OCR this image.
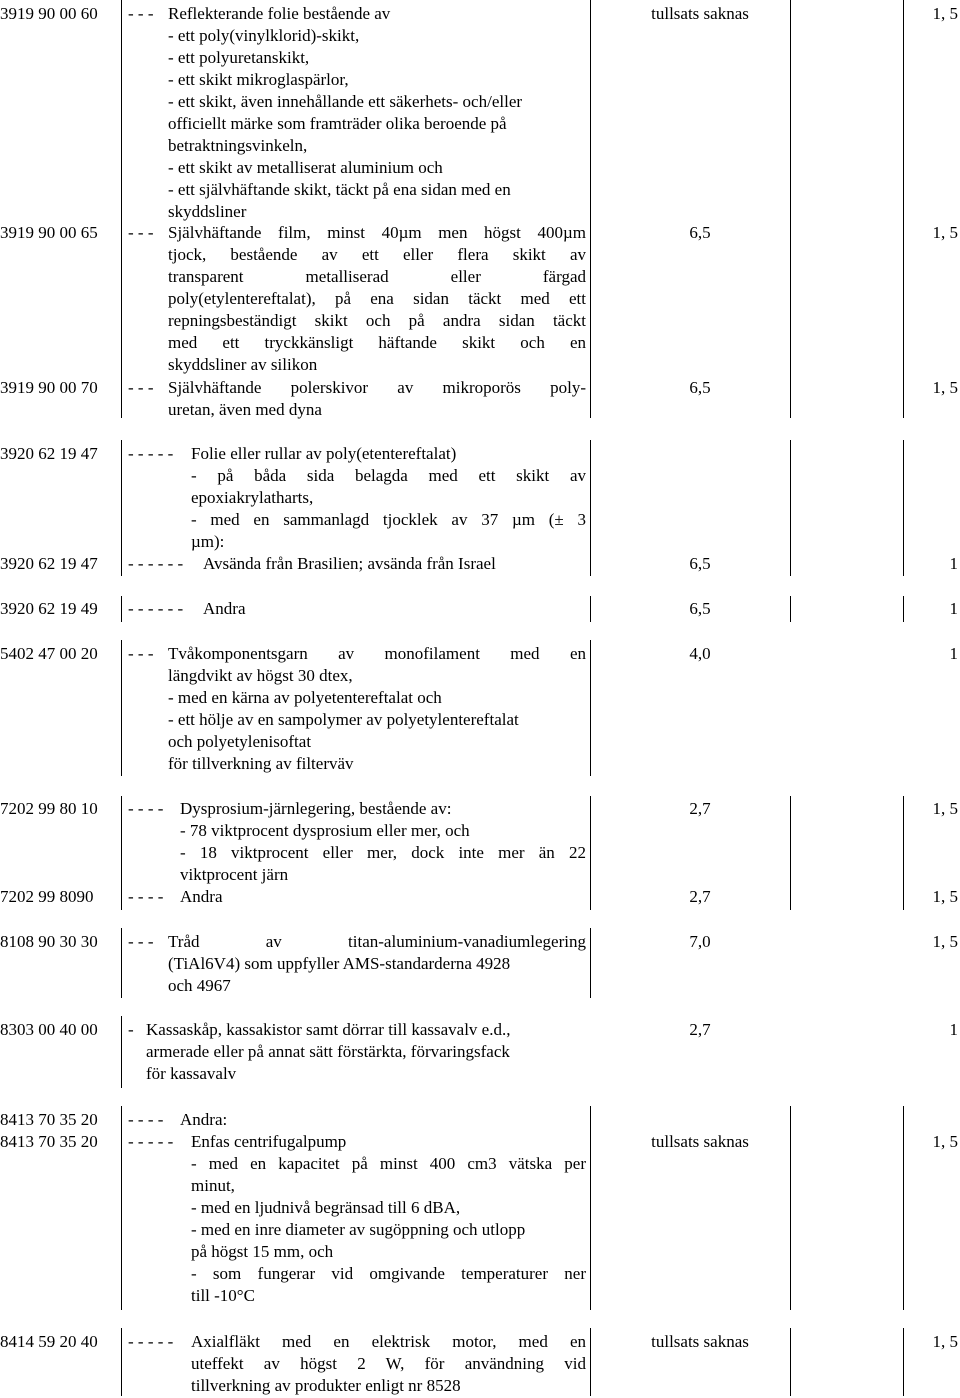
3919 90 00 60 - - - Reflekterande folie bestående av
- ett poly(vinylklorid)-skikt,
- ett polyuretanskikt,
- ett skikt mikroglaspärlor,
- ett skikt, även innehållande ett säkerhets- och/eller
officiellt märke som framträder olika beroende på
betraktningsvinkeln,
- ett skikt av metalliserat aluminium och
- ett självhäftande skikt, täckt på ena sidan med en
skyddsliner
tullsats saknas	1, 5
3919 90 00 65 - - - Självhäftande film, minst 40µm men högst 400µm
tjock, bestående av ett eller flera skikt av
transparent metalliserad eller färgad
poly(etylentereftalat), på ena sidan täckt med ett
repningsbeständigt skikt och på andra sidan täckt
med ett tryckkänsligt häftande skikt och en
skyddsliner av silikon
6,5	1, 5
3919 90 00 70 - - - Självhäftande polerskivor av mikroporös poly-
uretan, även med dyna
6,5	1, 5
3920 62 19 47 - - - - - Folie eller rullar av poly(etentereftalat)
- på båda sida belagda med ett skikt av
epoxiakrylatharts,
- med en sammanlagd tjocklek av 37 µm (± 3
µm):
3920 62 19 47 - - - - - - Avsända från Brasilien; avsända från Israel	6,5	1
3920 62 19 49 - - - - - - Andra	6,5	1
5402 47 00 20 - - - Tvåkomponentsgarn av monofilament med en
längdvikt av högst 30 dtex,
- med en kärna av polyetentereftalat och
- ett hölje av en sampolymer av polyetylentereftalat
och polyetylenisoftat
för tillverkning av filterväv
4,0	1
7202 99 80 10 - - - - Dysprosium-järnlegering, bestående av:
- 78 viktprocent dysprosium eller mer, och
- 18 viktprocent eller mer, dock inte mer än 22
viktprocent järn
2,7	1, 5
7202 99 8090 - - - - Andra	2,7	1, 5
8108 90 30 30 - - - Tråd av titan-aluminium-vanadiumlegering
(TiAl6V4) som uppfyller AMS-standarderna 4928
och 4967
7,0	1, 5
8303 00 40 00 - Kassaskåp, kassakistor samt dörrar till kassavalv e.d.,
armerade eller på annat sätt förstärkta, förvaringsfack
för kassavalv
2,7	1
8413 70 35 20 - - - - Andra:
8413 70 35 20 - - - - - Enfas centrifugalpump
- med en kapacitet på minst 400 cm3 vätska per
minut,
- med en ljudnivå begränsad till 6 dBA,
- med en inre diameter av sugöppning och utlopp
på högst 15 mm, och
- som fungerar vid omgivande temperaturer ner
till -10°C
tullsats saknas	1, 5
8414 59 20 40 - - - - - Axialfläkt med en elektrisk motor, med en
uteffekt av högst 2 W, för användning vid
tillverkning av produkter enligt nr 8528
tullsats saknas	1, 5
